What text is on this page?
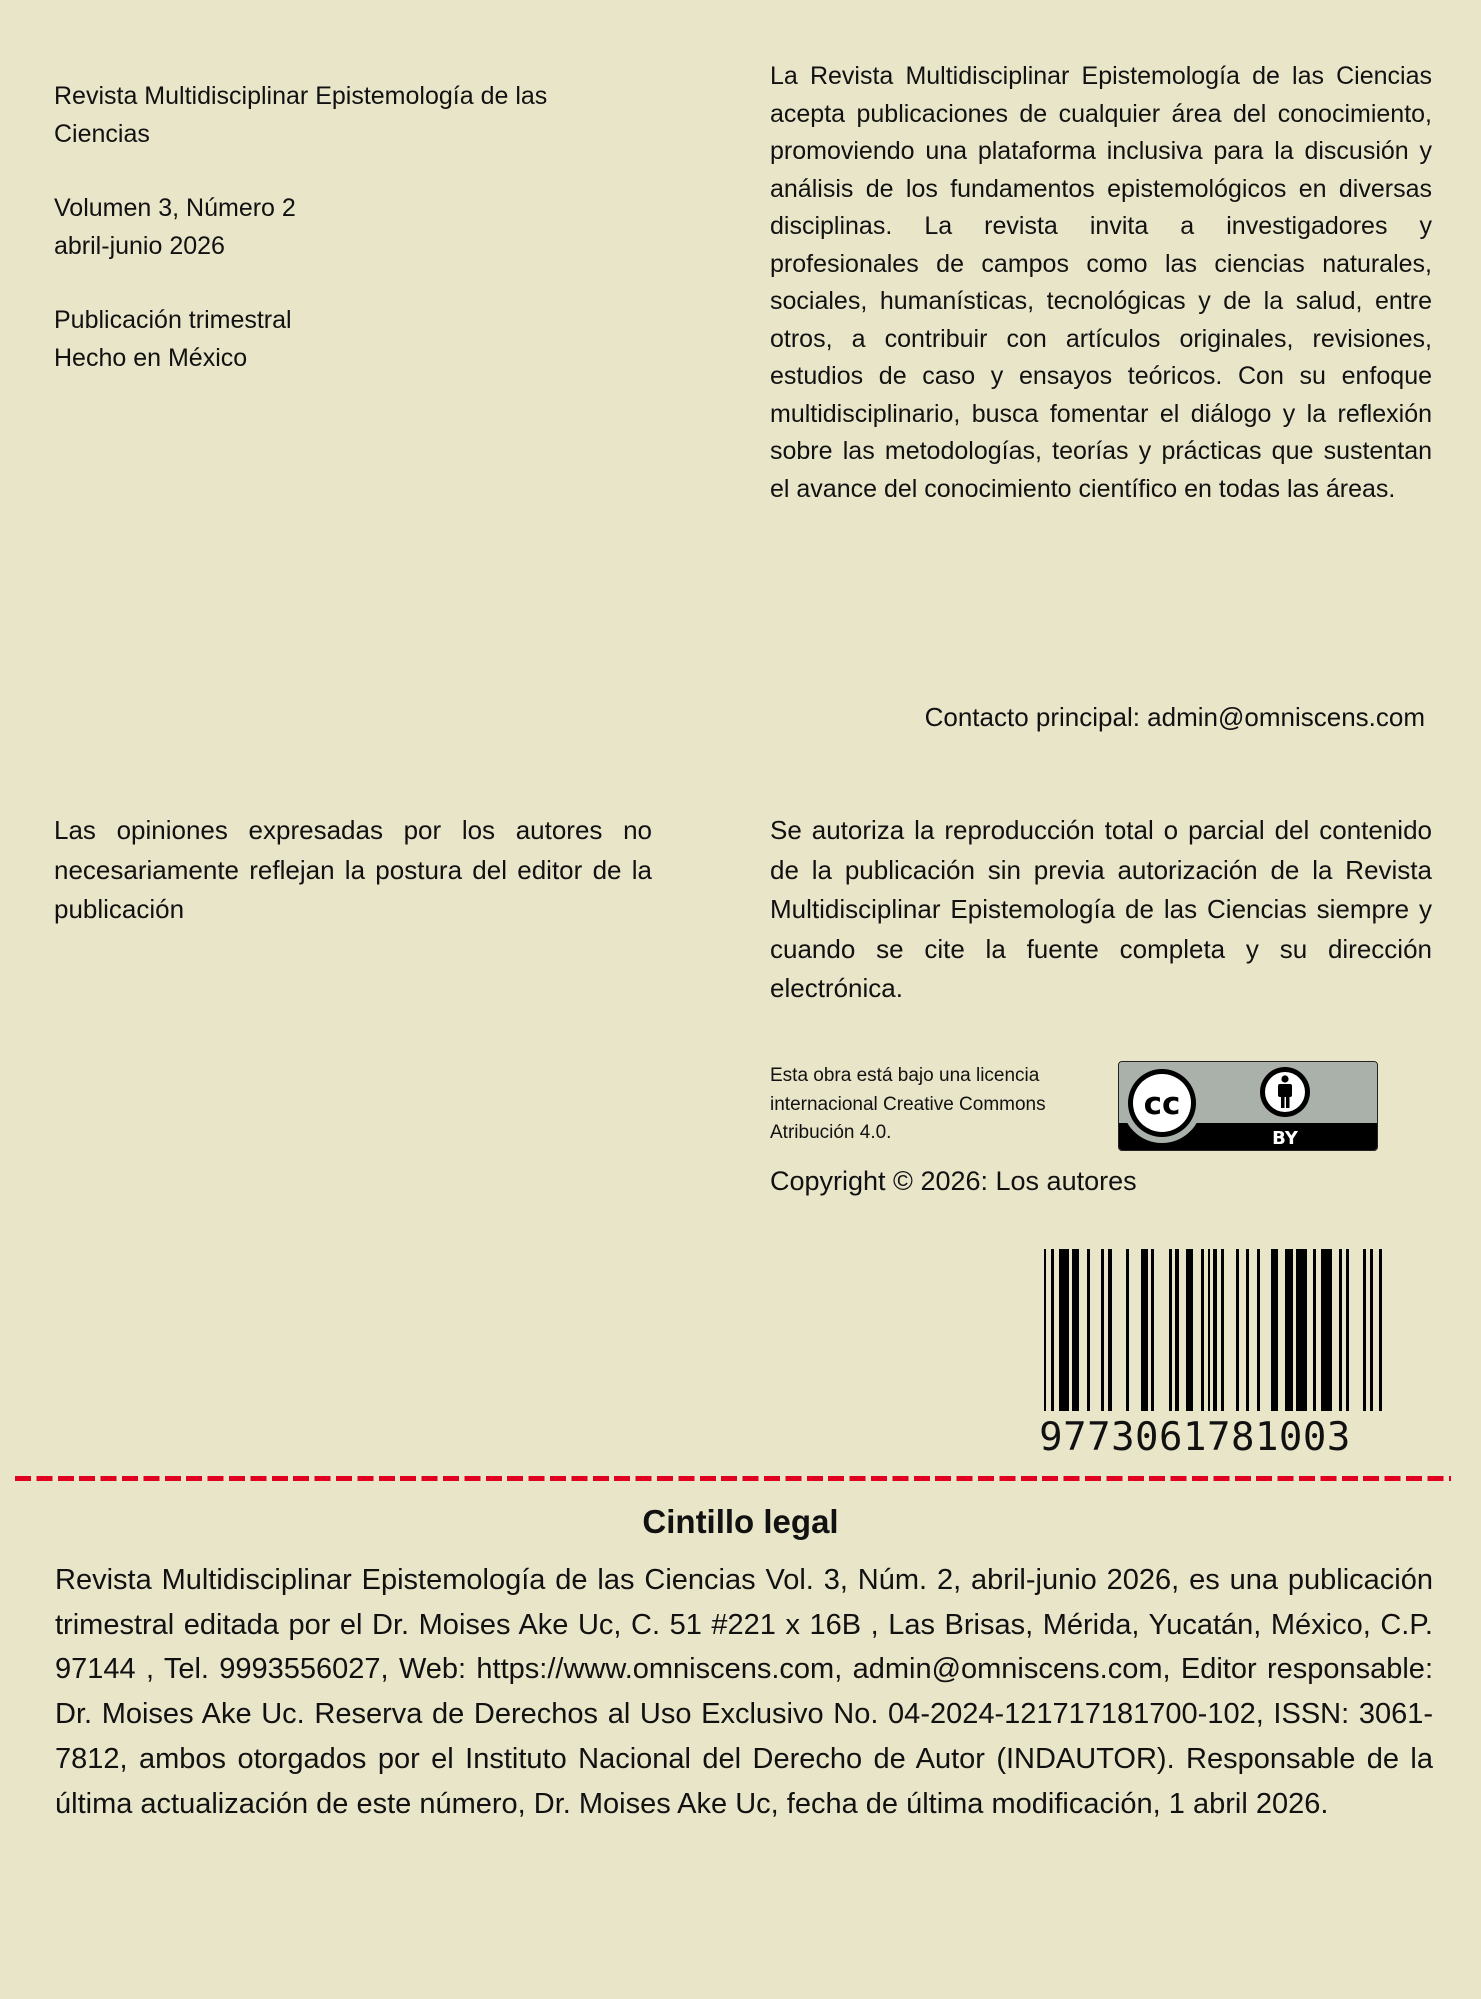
Revista Multidisciplinar Epistemología de las Ciencias

Volumen 3, Número 2

abril-junio 2026

Publicación trimestral

Hecho en México

La Revista Multidisciplinar Epistemología de las Ciencias acepta publicaciones de cualquier área del conocimiento, promoviendo una plataforma inclusiva para la discusión y análisis de los fundamentos epistemológicos en diversas disciplinas. La revista invita a investigadores y profesionales de campos como las ciencias naturales, sociales, humanísticas, tecnológicas y de la salud, entre otros, a contribuir con artículos originales, revisiones, estudios de caso y ensayos teóricos. Con su enfoque multidisciplinario, busca fomentar el diálogo y la reflexión sobre las metodologías, teorías y prácticas que sustentan el avance del conocimiento científico en todas las áreas.

Contacto principal: admin@omniscens.com

Las opiniones expresadas por los autores no necesariamente reflejan la postura del editor de la publicación

Se autoriza la reproducción total o parcial del contenido de la publicación sin previa autorización de la Revista Multidisciplinar Epistemología de las Ciencias siempre y cuando se cite la fuente completa y su dirección electrónica.

Esta obra está bajo una licencia
internacional Creative Commons
Atribución 4.0.
cc
BY

Copyright © 2026: Los autores

9773061781003
Cintillo legal

Revista Multidisciplinar Epistemología de las Ciencias Vol. 3, Núm. 2, abril-junio 2026, es una publicación trimestral editada por el Dr. Moises Ake Uc, C. 51 #221 x 16B , Las Brisas, Mérida, Yucatán, México, C.P. 97144 , Tel. 9993556027, Web: https://www.omniscens.com, admin@omniscens.com, Editor responsable: Dr. Moises Ake Uc. Reserva de Derechos al Uso Exclusivo No. 04-2024-121717181700-102, ISSN: 3061-7812, ambos otorgados por el Instituto Nacional del Derecho de Autor (INDAUTOR). Responsable de la última actualización de este número, Dr. Moises Ake Uc, fecha de última modificación, 1 abril 2026.
